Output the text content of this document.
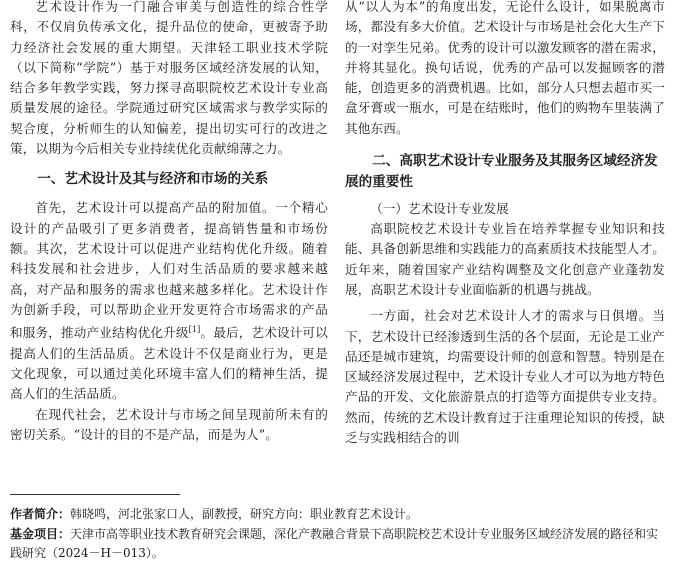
艺术设计作为一门融合审美与创造性的综合性学科，不仅肩负传承文化，提升品位的使命，更被寄予助力经济社会发展的重大期望。天津轻工职业技术学院（以下简称“学院”）基于对服务区域经济发展的认知，结合多年教学实践，努力探寻高职院校艺术设计专业高质量发展的途径。学院通过研究区域需求与教学实际的契合度，分析师生的认知偏差，提出切实可行的改进之策，以期为今后相关专业持续优化贡献绵薄之力。

一、艺术设计及其与经济和市场的关系

首先，艺术设计可以提高产品的附加值。一个精心设计的产品吸引了更多消费者，提高销售量和市场份额。其次，艺术设计可以促进产业结构优化升级。随着科技发展和社会进步，人们对生活品质的要求越来越高，对产品和服务的需求也越来越多样化。艺术设计作为创新手段，可以帮助企业开发更符合市场需求的产品和服务，推动产业结构优化升级[1]。最后，艺术设计可以提高人们的生活品质。艺术设计不仅是商业行为，更是文化现象，可以通过美化环境丰富人们的精神生活，提高人们的生活品质。

在现代社会，艺术设计与市场之间呈现前所未有的密切关系。“设计的目的不是产品，而是为人”。

从“以人为本”的角度出发，无论什么设计，如果脱离市场，都没有多大价值。艺术设计与市场是社会化大生产下的一对孪生兄弟。优秀的设计可以激发顾客的潜在需求，并将其显化。换句话说，优秀的产品可以发掘顾客的潜能，创造更多的消费机遇。比如，部分人只想去超市买一盒牙膏或一瓶水，可是在结账时，他们的购物车里装满了其他东西。

二、高职艺术设计专业服务及其服务区域经济发展的重要性

（一）艺术设计专业发展

高职院校艺术设计专业旨在培养掌握专业知识和技能、具备创新思维和实践能力的高素质技术技能型人才。近年来，随着国家产业结构调整及文化创意产业蓬勃发展，高职艺术设计专业面临新的机遇与挑战。

一方面，社会对艺术设计人才的需求与日俱增。当下，艺术设计已经渗透到生活的各个层面，无论是工业产品还是城市建筑，均需要设计师的创意和智慧。特别是在区域经济发展过程中，艺术设计专业人才可以为地方特色产品的开发、文化旅游景点的打造等方面提供专业支持。然而，传统的艺术设计教育过于注重理论知识的传授，缺乏与实践相结合的训

作者简介：韩晓鸣，河北张家口人，副教授，研究方向：职业教育艺术设计。

基金项目：天津市高等职业技术教育研究会课题，深化产教融合背景下高职院校艺术设计专业服务区域经济发展的路径和实践研究（2024－H－013）。
